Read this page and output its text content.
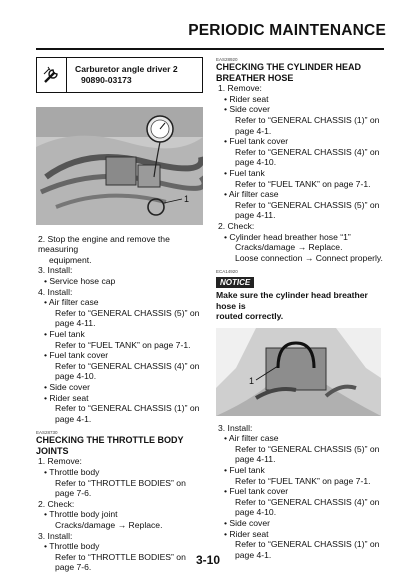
PERIODIC MAINTENANCE
Carburetor angle driver 2
90890-03173
1
2. Stop the engine and remove the measuring
equipment.
3. Install:
• Service hose cap
4. Install:
• Air filter case
Refer to “GENERAL CHASSIS (5)” on
page 4-11.
• Fuel tank
Refer to “FUEL TANK” on page 7-1.
• Fuel tank cover
Refer to “GENERAL CHASSIS (4)” on
page 4-10.
• Side cover
• Rider seat
Refer to “GENERAL CHASSIS (1)” on
page 4-1.
EAS28730
CHECKING THE THROTTLE BODY JOINTS
1. Remove:
• Throttle body
Refer to “THROTTLE BODIES” on page 7-6.
2. Check:
• Throttle body joint
Cracks/damage → Replace.
3. Install:
• Throttle body
Refer to “THROTTLE BODIES” on page 7-6.
EAS28920
CHECKING THE CYLINDER HEAD
BREATHER HOSE
1. Remove:
• Rider seat
• Side cover
Refer to “GENERAL CHASSIS (1)” on
page 4-1.
• Fuel tank cover
Refer to “GENERAL CHASSIS (4)” on
page 4-10.
• Fuel tank
Refer to “FUEL TANK” on page 7-1.
• Air filter case
Refer to “GENERAL CHASSIS (5)” on
page 4-11.
2. Check:
• Cylinder head breather hose “1”
Cracks/damage → Replace.
Loose connection → Connect properly.
ECA14920
NOTICE
Make sure the cylinder head breather hose is
routed correctly.
1
3. Install:
• Air filter case
Refer to “GENERAL CHASSIS (5)” on
page 4-11.
• Fuel tank
Refer to “FUEL TANK” on page 7-1.
• Fuel tank cover
Refer to “GENERAL CHASSIS (4)” on
page 4-10.
• Side cover
• Rider seat
Refer to “GENERAL CHASSIS (1)” on
page 4-1.
3-10
